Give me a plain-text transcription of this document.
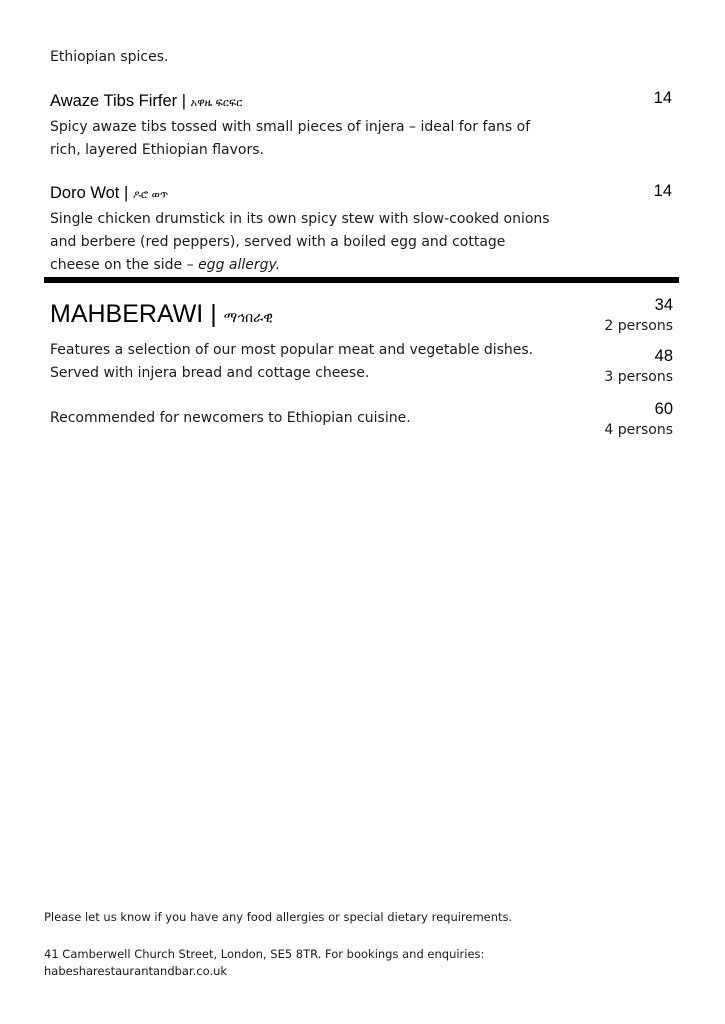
Ethiopian spices.
Awaze Tibs Firfer | አዋዜ ፍርፍር
Spicy awaze tibs tossed with small pieces of injera – ideal for fans of
rich, layered Ethiopian flavors.
14
Doro Wot | ዶሮ ወጥ
Single chicken drumstick in its own spicy stew with slow-cooked onions
and berbere (red peppers), served with a boiled egg and cottage
cheese on the side – egg allergy.
14
MAHBERAWI | ማኅበራዊ
Features a selection of our most popular meat and vegetable dishes.
Served with injera bread and cottage cheese.
Recommended for newcomers to Ethiopian cuisine.
34
2 persons
48
3 persons
60
4 persons
Please let us know if you have any food allergies or special dietary requirements.
41 Camberwell Church Street, London, SE5 8TR. For bookings and enquiries:
habesharestaurantandbar.co.uk
